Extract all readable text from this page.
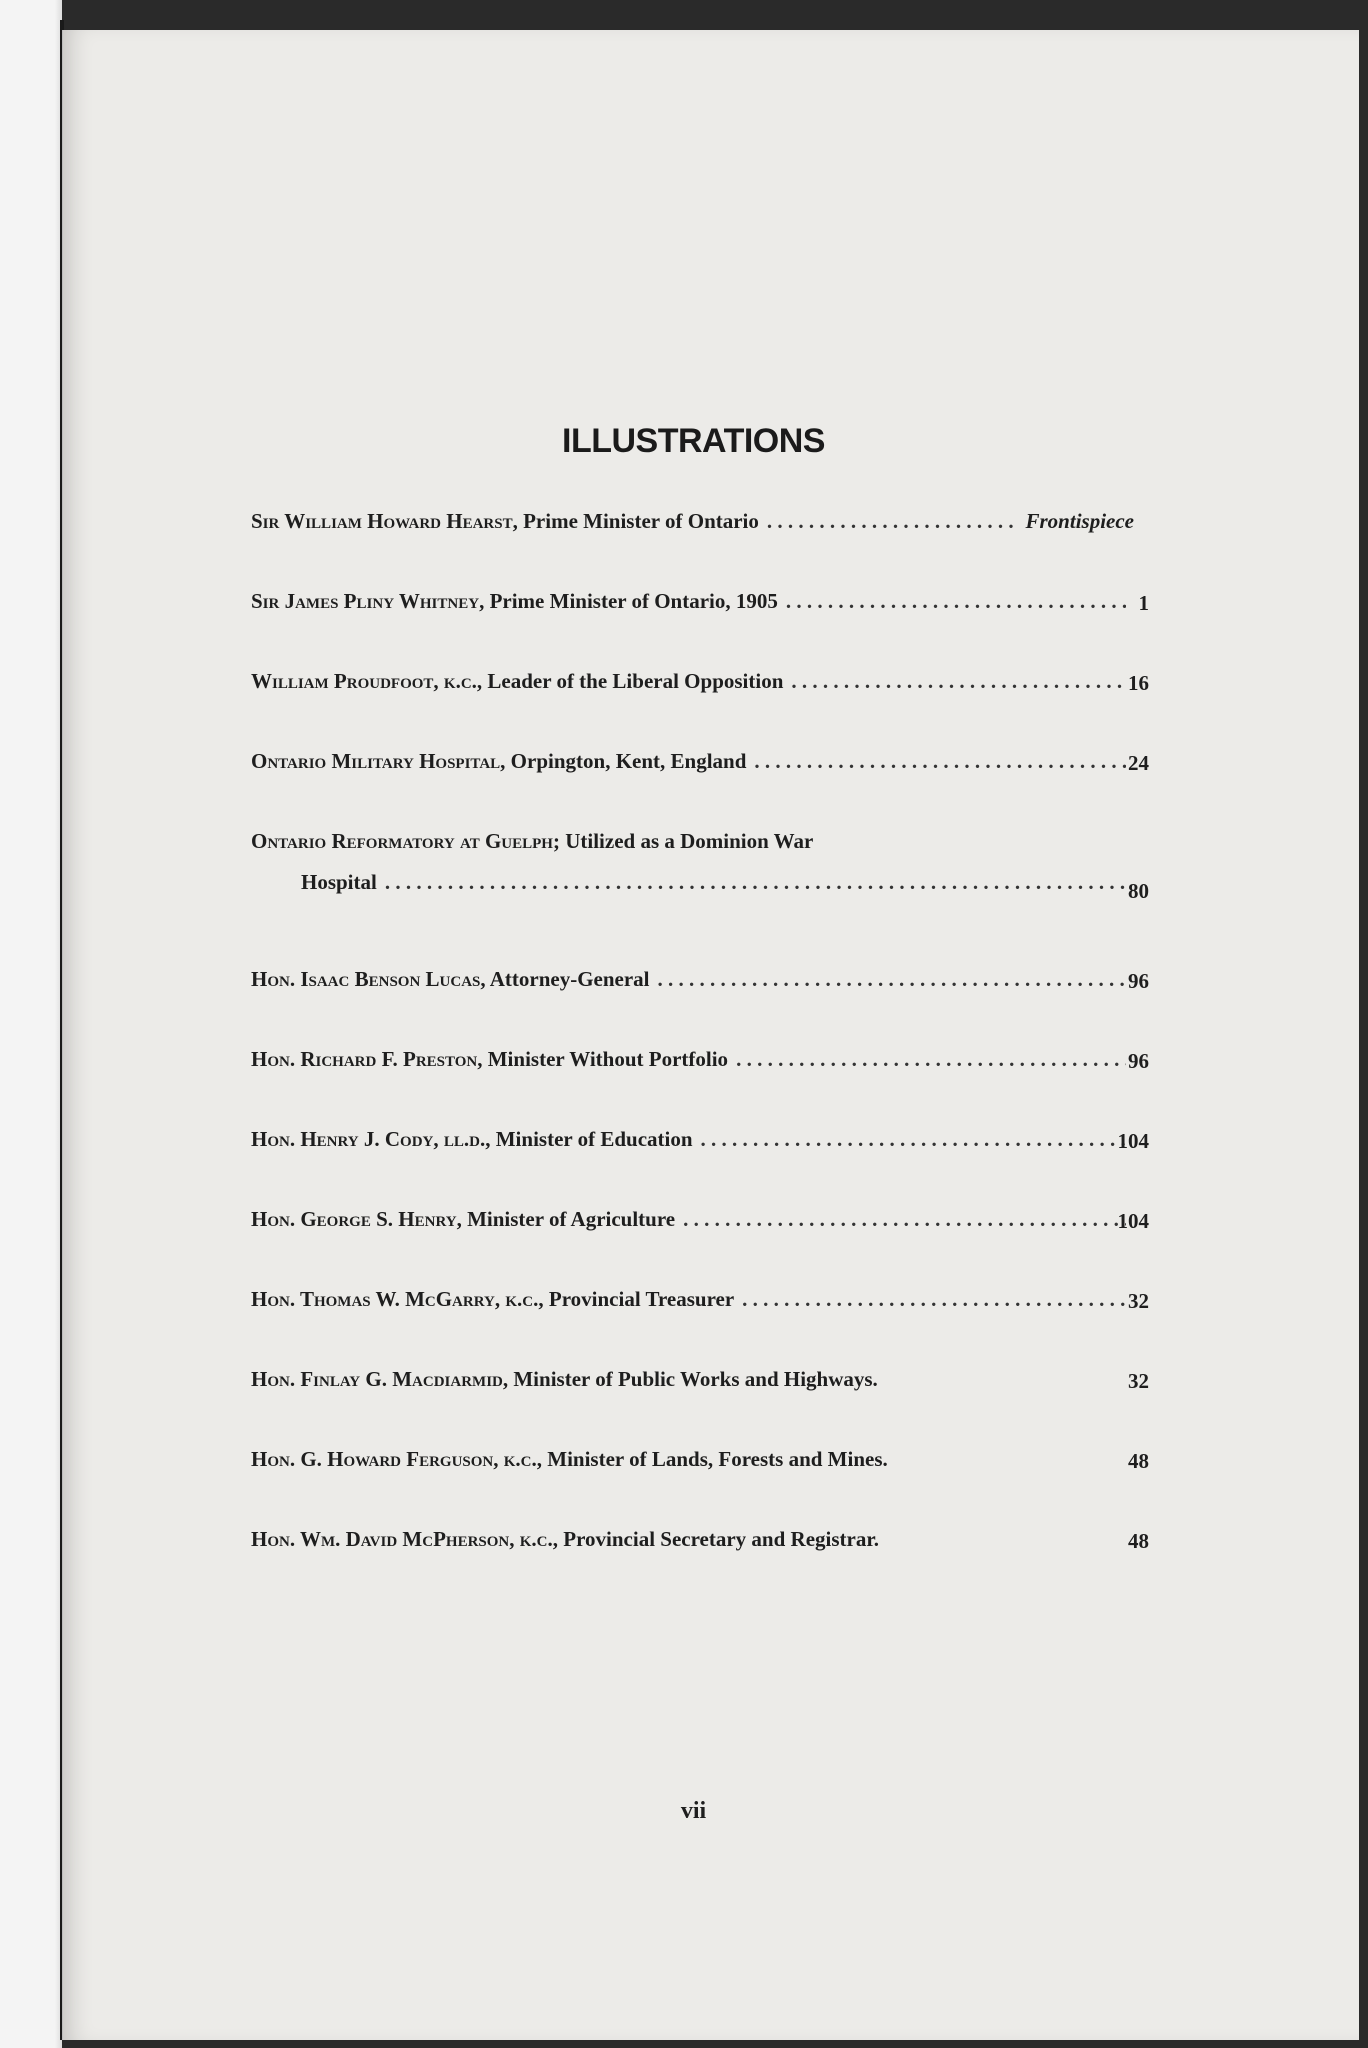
ILLUSTRATIONS
Sir William Howard Hearst, Prime Minister of Ontario . . .	Frontispiece
Sir James Pliny Whitney, Prime Minister of Ontario, 1905 . . .	1
William Proudfoot, k.c., Leader of the Liberal Opposition . . .	16
Ontario Military Hospital, Orpington, Kent, England . . .	24
Ontario Reformatory at Guelph; Utilized as a Dominion War
Hospital . . .	80
Hon. Isaac Benson Lucas, Attorney-General . . .	96
Hon. Richard F. Preston, Minister Without Portfolio . . .	96
Hon. Henry J. Cody, ll.d., Minister of Education . . .	104
Hon. George S. Henry, Minister of Agriculture . . .	104
Hon. Thomas W. McGarry, k.c., Provincial Treasurer . . .	32
Hon. Finlay G. Macdiarmid, Minister of Public Works and Highways.	32
Hon. G. Howard Ferguson, k.c., Minister of Lands, Forests and Mines.	48
Hon. Wm. David McPherson, k.c., Provincial Secretary and Registrar.	48
vii
